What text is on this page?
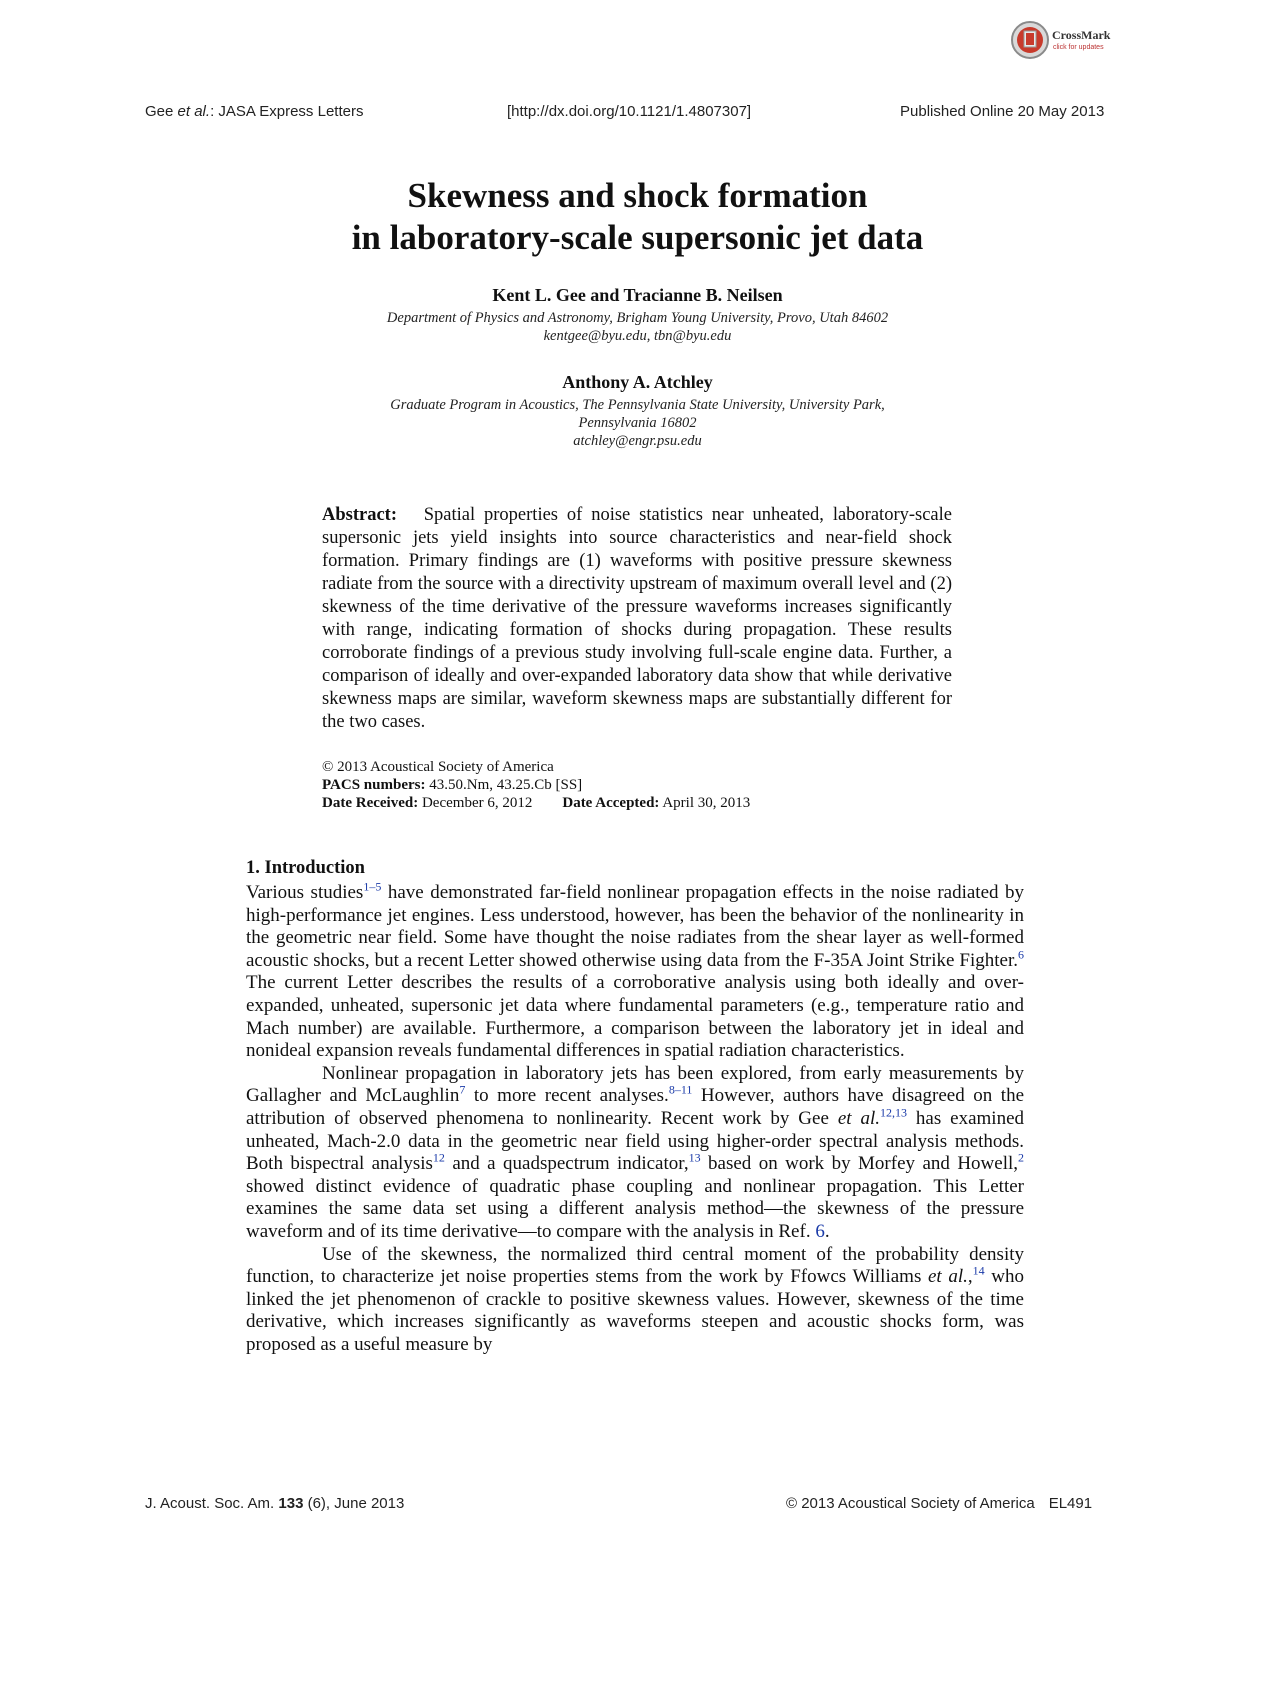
CrossMark
click for updates
Gee et al.: JASA Express Letters	[http://dx.doi.org/10.1121/1.4807307]	Published Online 20 May 2013
Skewness and shock formation
in laboratory-scale supersonic jet data
Kent L. Gee and Tracianne B. Neilsen
Department of Physics and Astronomy, Brigham Young University, Provo, Utah 84602
kentgee@byu.edu, tbn@byu.edu
Anthony A. Atchley
Graduate Program in Acoustics, The Pennsylvania State University, University Park,
Pennsylvania 16802
atchley@engr.psu.edu
Abstract: Spatial properties of noise statistics near unheated, laboratory-scale supersonic jets yield insights into source characteristics and near-field shock formation. Primary findings are (1) waveforms with positive pressure skewness radiate from the source with a directivity upstream of maximum overall level and (2) skewness of the time derivative of the pressure waveforms increases significantly with range, indicating formation of shocks during propagation. These results corroborate findings of a previous study involving full-scale engine data. Further, a comparison of ideally and over-expanded laboratory data show that while derivative skewness maps are similar, waveform skewness maps are substantially different for the two cases.
© 2013 Acoustical Society of America
PACS numbers: 43.50.Nm, 43.25.Cb [SS]
Date Received: December 6, 2012 Date Accepted: April 30, 2013
1. Introduction

Various studies$^{1-5}$ have demonstrated far-field nonlinear propagation effects in the noise radiated by high-performance jet engines. Less understood, however, has been the behavior of the nonlinearity in the geometric near field. Some have thought the noise radiates from the shear layer as well-formed acoustic shocks, but a recent Letter showed otherwise using data from the F-35A Joint Strike Fighter.$^6$ The current Letter describes the results of a corroborative analysis using both ideally and over-expanded, unheated, supersonic jet data where fundamental parameters (e.g., temperature ratio and Mach number) are available. Furthermore, a comparison between the laboratory jet in ideal and nonideal expansion reveals fundamental differences in spatial radiation characteristics.

Nonlinear propagation in laboratory jets has been explored, from early measurements by Gallagher and McLaughlin$^7$ to more recent analyses.$^{8-11}$ However, authors have disagreed on the attribution of observed phenomena to nonlinearity. Recent work by Gee et al.$^{12,13}$ has examined unheated, Mach-2.0 data in the geometric near field using higher-order spectral analysis methods. Both bispectral analysis$^{12}$ and a quadspectrum indicator,$^{13}$ based on work by Morfey and Howell,$^2$ showed distinct evidence of quadratic phase coupling and nonlinear propagation. This Letter examines the same data set using a different analysis method—the skewness of the pressure waveform and of its time derivative—to compare with the analysis in Ref. 6.

Use of the skewness, the normalized third central moment of the probability density function, to characterize jet noise properties stems from the work by Ffowcs Williams et al.,$^{14}$ who linked the jet phenomenon of crackle to positive skewness values. However, skewness of the time derivative, which increases significantly as waveforms steepen and acoustic shocks form, was proposed as a useful measure by

J. Acoust. Soc. Am. 133 (6), June 2013	© 2013 Acoustical Society of America EL491
